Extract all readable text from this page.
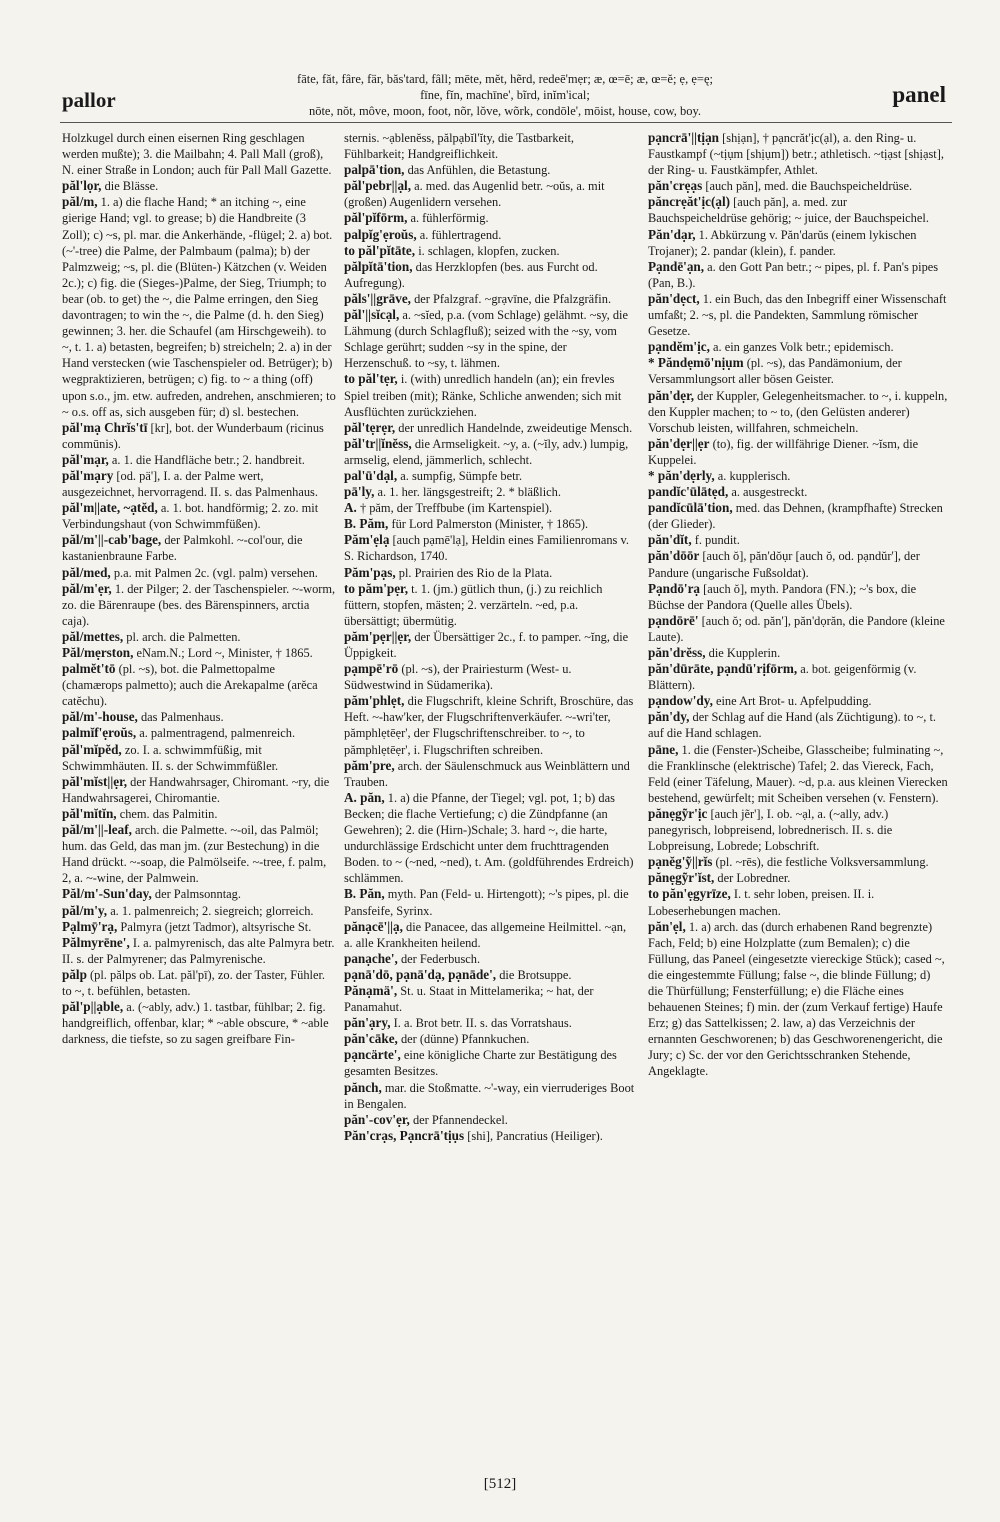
pallor
fāte, făt, fâre, fär, băs'tard, fâll; mēte, mĕt, hẽrd, redeē'mẹr; æ, œ=ē; æ, œ=ĕ; ẹ, ẹ=ę;
fīne, fĭn, machīne', bĩrd, inĭm'ical;
nōte, nŏt, môve, moon, foot, nõr, lŏve, wõrk, condōle', mōist, house, cow, boy.
panel

Holzkugel durch einen eisernen Ring geschlagen werden mußte); 3. die Mailbahn; 4. Pall Mall (groß), N. einer Straße in London; auch für Pall Mall Gazette.

păl'lọr, die Blässe.

păl/m, 1. a) die flache Hand; * an itching ~, eine gierige Hand; vgl. to grease; b) die Handbreite (3 Zoll); c) ~s, pl. mar. die Ankerhände, -flügel; 2. a) bot. (~'-tree) die Palme, der Palmbaum (palma); b) der Palmzweig; ~s, pl. die (Blüten-) Kätzchen (v. Weiden 2c.); c) fig. die (Sieges-)Palme, der Sieg, Triumph; to bear (ob. to get) the ~, die Palme erringen, den Sieg davontragen; to win the ~, die Palme (d. h. den Sieg) gewinnen; 3. her. die Schaufel (am Hirschgeweih). to ~, t. 1. a) betasten, begreifen; b) streicheln; 2. a) in der Hand verstecken (wie Taschenspieler od. Betrüger); b) wegpraktizieren, betrügen; c) fig. to ~ a thing (off) upon s.o., jm. etw. aufreden, andrehen, anschmieren; to ~ o.s. off as, sich ausgeben für; d) sl. bestechen.

păl'mạ Chrĭs'tī [kr], bot. der Wunderbaum (ricinus commūnis).

păl'mạr, a. 1. die Handfläche betr.; 2. handbreit.

păl'mạry [od. pä'], I. a. der Palme wert, ausgezeichnet, hervorragend. II. s. das Palmenhaus.

păl'm||ate, ~ạtĕd, a. 1. bot. handförmig; 2. zo. mit Verbindungshaut (von Schwimmfüßen).

păl/m'||-cab'bage, der Palmkohl. ~-col'our, die kastanienbraune Farbe.

păl/med, p.a. mit Palmen 2c. (vgl. palm) versehen.

păl/m'ẹr, 1. der Pilger; 2. der Taschenspieler. ~-worm, zo. die Bärenraupe (bes. des Bärenspinners, arctia caja).

păl/mettes, pl. arch. die Palmetten.

Păl/mẹrston, eNam.N.; Lord ~, Minister, † 1865.

palmĕt'tō (pl. ~s), bot. die Palmettopalme (chamærops palmetto); auch die Arekapalme (arĕca catĕchu).

păl/m'-house, das Palmenhaus.

palmĭf'ẹroŭs, a. palmentragend, palmenreich.

păl'mĭpĕd, zo. I. a. schwimmfüßig, mit Schwimmhäuten. II. s. der Schwimmfüßler.

păl'mĭst||ẹr, der Handwahrsager, Chiromant. ~ry, die Handwahrsagerei, Chiromantie.

păl'mĭtĭn, chem. das Palmitin.

păl/m'||-leaf, arch. die Palmette. ~-oil, das Palmöl; hum. das Geld, das man jm. (zur Bestechung) in die Hand drückt. ~-soap, die Palmölseife. ~-tree, f. palm, 2, a. ~-wine, der Palmwein.

Păl/m'-Sun'day, der Palmsonntag.

păl/m'y, a. 1. palmenreich; 2. siegreich; glorreich.

Pạlmȳ'rạ, Palmyra (jetzt Tadmor), altsyrische St.

Pălmyrēne', I. a. palmyrenisch, das alte Palmyra betr. II. s. der Palmyrener; das Palmyrenische.

pălp (pl. pălps ob. Lat. păl'pī), zo. der Taster, Fühler. to ~, t. befühlen, betasten.

păl'p||ạble, a. (~ably, adv.) 1. tastbar, fühlbar; 2. fig. handgreiflich, offenbar, klar; * ~able obscure, * ~able darkness, die tiefste, so zu sagen greifbare Fin-

sternis. ~ạblenĕss, pălpạbĭl'ĭty, die Tastbarkeit, Fühlbarkeit; Handgreiflichkeit.

palpā'tion, das Anfühlen, die Betastung.

păl'pebr||ạl, a. med. das Augenlid betr. ~oŭs, a. mit (großen) Augenlidern versehen.

păl'pĭfōrm, a. fühlerförmig.

palpĭg'ẹroŭs, a. fühlertragend.

to păl'pĭtāte, i. schlagen, klopfen, zucken.

pălpĭtā'tion, das Herzklopfen (bes. aus Furcht od. Aufregung).

păls'||grāve, der Pfalzgraf. ~grạvīne, die Pfalzgräfin.

păl'||sĭcạl, a. ~sĭed, p.a. (vom Schlage) gelähmt. ~sy, die Lähmung (durch Schlagfluß); seized with the ~sy, vom Schlage gerührt; sudden ~sy in the spine, der Herzenschuß. to ~sy, t. lähmen.

to păl'tẹr, i. (with) unredlich handeln (an); ein frevles Spiel treiben (mit); Ränke, Schliche anwenden; sich mit Ausflüchten zurückziehen.

păl'tẹrẹr, der unredlich Handelnde, zweideutige Mensch.

păl'tr||ĭnĕss, die Armseligkeit. ~y, a. (~ĭly, adv.) lumpig, armselig, elend, jämmerlich, schlecht.

pal'ū'dạl, a. sumpfig, Sümpfe betr.

pā'ly, a. 1. her. längsgestreift; 2. * bläßlich.

A. † păm, der Treffbube (im Kartenspiel).

B. Păm, für Lord Palmerston (Minister, † 1865).

Păm'ẹlạ [auch pạmē'lạ], Heldin eines Familienromans v. S. Richardson, 1740.

Păm'pạs, pl. Prairien des Rio de la Plata.

to păm'pẹr, t. 1. (jm.) gütlich thun, (j.) zu reichlich füttern, stopfen, mästen; 2. verzärteln. ~ed, p.a. übersättigt; übermütig.

păm'pẹr||ẹr, der Übersättiger 2c., f. to pamper. ~ĭng, die Üppigkeit.

pạmpē'rō (pl. ~s), der Prairiesturm (West- u. Südwestwind in Südamerika).

păm'phlẹt, die Flugschrift, kleine Schrift, Broschüre, das Heft. ~-haw'ker, der Flugschriftenverkäufer. ~-wri'ter, pămphlẹtēẹr', der Flugschriftenschreiber. to ~, to pămphlẹtēẹr', i. Flugschriften schreiben.

păm'pre, arch. der Säulenschmuck aus Weinblättern und Trauben.

A. păn, 1. a) die Pfanne, der Tiegel; vgl. pot, 1; b) das Becken; die flache Vertiefung; c) die Zündpfanne (an Gewehren); 2. die (Hirn-)Schale; 3. hard ~, die harte, undurchlässige Erdschicht unter dem fruchttragenden Boden. to ~ (~ned, ~ned), t. Am. (goldführendes Erdreich) schlämmen.

B. Păn, myth. Pan (Feld- u. Hirtengott); ~'s pipes, pl. die Pansfeife, Syrinx.

pănạcē'||ạ, die Panacee, das allgemeine Heilmittel. ~ạn, a. alle Krankheiten heilend.

panạche', der Federbusch.

pạnā'dō, pạnā'dạ, pạnāde', die Brotsuppe.

Pănạmä', St. u. Staat in Mittelamerika; ~ hat, der Panamahut.

păn'ạry, I. a. Brot betr. II. s. das Vorratshaus.

păn'cāke, der (dünne) Pfannkuchen.

pạncärte', eine königliche Charte zur Bestätigung des gesamten Besitzes.

pănch, mar. die Stoßmatte. ~'-way, ein vierruderiges Boot in Bengalen.

păn'-cov'ẹr, der Pfannendeckel.

Păn'crạs, Pạncrā'tịụs [shi], Pancratius (Heiliger).

pạncrā'||tịạn [shịạn], † pạncrăt'ịc(ạl), a. den Ring- u. Faustkampf (~tịụm [shịụm]) betr.; athletisch. ~tịạst [shịạst], der Ring- u. Faustkämpfer, Athlet.

păn'crẹạs [auch păn], med. die Bauchspeicheldrüse.

păncrẹăt'ịc(ạl) [auch păn], a. med. zur Bauchspeicheldrüse gehörig; ~ juice, der Bauchspeichel.

Păn'dạr, 1. Abkürzung v. Păn'darŭs (einem lykischen Trojaner); 2. pandar (klein), f. pander.

Pạndē'ạn, a. den Gott Pan betr.; ~ pipes, pl. f. Pan's pipes (Pan, B.).

păn'dẹct, 1. ein Buch, das den Inbegriff einer Wissenschaft umfaßt; 2. ~s, pl. die Pandekten, Sammlung römischer Gesetze.

pạndĕm'ịc, a. ein ganzes Volk betr.; epidemisch.

* Păndẹmō'nịụm (pl. ~s), das Pandämonium, der Versammlungsort aller bösen Geister.

păn'dẹr, der Kuppler, Gelegenheitsmacher. to ~, i. kuppeln, den Kuppler machen; to ~ to, (den Gelüsten anderer) Vorschub leisten, willfahren, schmeicheln.

păn'dẹr||ẹr (to), fig. der willfährige Diener. ~ĭsm, die Kuppelei.

* păn'dẹrly, a. kupplerisch.

pandĭc'ūlātẹd, a. ausgestreckt.

pandĭcūlā'tion, med. das Dehnen, (krampfhafte) Strecken (der Glieder).

păn'dĭt, f. pundit.

păn'dōōr [auch ŏ], păn'dŏụr [auch ŏ, od. pạndŭr'], der Pandure (ungarische Fußsoldat).

Pạndō'rạ [auch ŏ], myth. Pandora (FN.); ~'s box, die Büchse der Pandora (Quelle alles Übels).

pạndōrē' [auch ŏ; od. păn'], păn'dọrăn, die Pandore (kleine Laute).

păn'drĕss, die Kupplerin.

păn'dūrāte, pạndū'rịfōrm, a. bot. geigenförmig (v. Blättern).

pạndow'dy, eine Art Brot- u. Apfelpudding.

păn'dy, der Schlag auf die Hand (als Züchtigung). to ~, t. auf die Hand schlagen.

pāne, 1. die (Fenster-)Scheibe, Glasscheibe; fulminating ~, die Franklinsche (elektrische) Tafel; 2. das Viereck, Fach, Feld (einer Täfelung, Mauer). ~d, p.a. aus kleinen Vierecken bestehend, gewürfelt; mit Scheiben versehen (v. Fenstern).

pănẹgỹr'ịc [auch jẽr'], I. ob. ~ạl, a. (~ally, adv.) panegyrisch, lobpreisend, lobrednerisch. II. s. die Lobpreisung, Lobrede; Lobschrift.

pạnĕg'ỹ||rĭs (pl. ~rēs), die festliche Volksversammlung.

pănẹgỹr'ĭst, der Lobredner.

to păn'ẹgyrīze, I. t. sehr loben, preisen. II. i. Lobeserhebungen machen.

păn'ẹl, 1. a) arch. das (durch erhabenen Rand begrenzte) Fach, Feld; b) eine Holzplatte (zum Bemalen); c) die Füllung, das Paneel (eingesetzte viereckige Stück); cased ~, die eingestemmte Füllung; false ~, die blinde Füllung; d) die Thürfüllung; Fensterfüllung; e) die Fläche eines behauenen Steines; f) min. der (zum Verkauf fertige) Haufe Erz; g) das Sattelkissen; 2. law, a) das Verzeichnis der ernannten Geschworenen; b) das Geschworenengericht, die Jury; c) Sc. der vor den Gerichtsschranken Stehende, Angeklagte.

[512]
